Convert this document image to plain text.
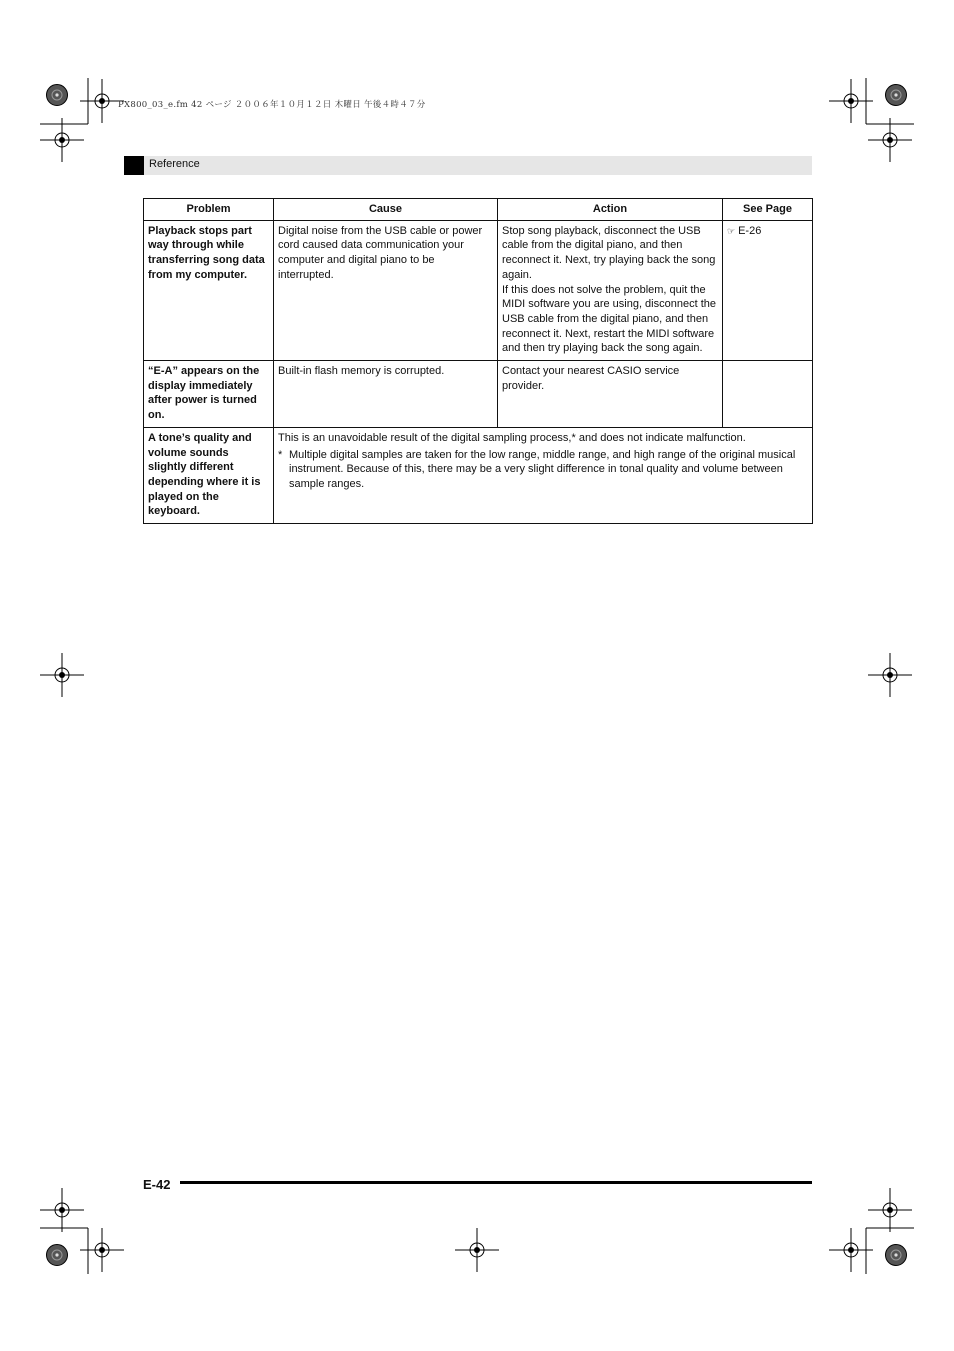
PX800_03_e.fm 42 ページ ２００６年１０月１２日 木曜日 午後４時４７分
Reference
Problem	Cause	Action	See Page
Playback stops part way through while transferring song data from my computer.	Digital noise from the USB cable or power cord caused data communication your computer and digital piano to be interrupted.	Stop song playback, disconnect the USB cable from the digital piano, and then reconnect it. Next, try playing back the song again.
If this does not solve the problem, quit the MIDI software you are using, disconnect the USB cable from the digital piano, and then reconnect it. Next, restart the MIDI software and then try playing back the song again.	☞ E-26
“E-A” appears on the display immediately after power is turned on.	Built-in flash memory is corrupted.	Contact your nearest CASIO service provider.	

A tone’s quality and volume sounds slightly different depending where it is played on the keyboard.	This is an unavoidable result of the digital sampling process,* and does not indicate malfunction.
* Multiple digital samples are taken for the low range, middle range, and high range of the original musical instrument. Because of this, there may be a very slight difference in tonal quality and volume between sample ranges.		
E-42
